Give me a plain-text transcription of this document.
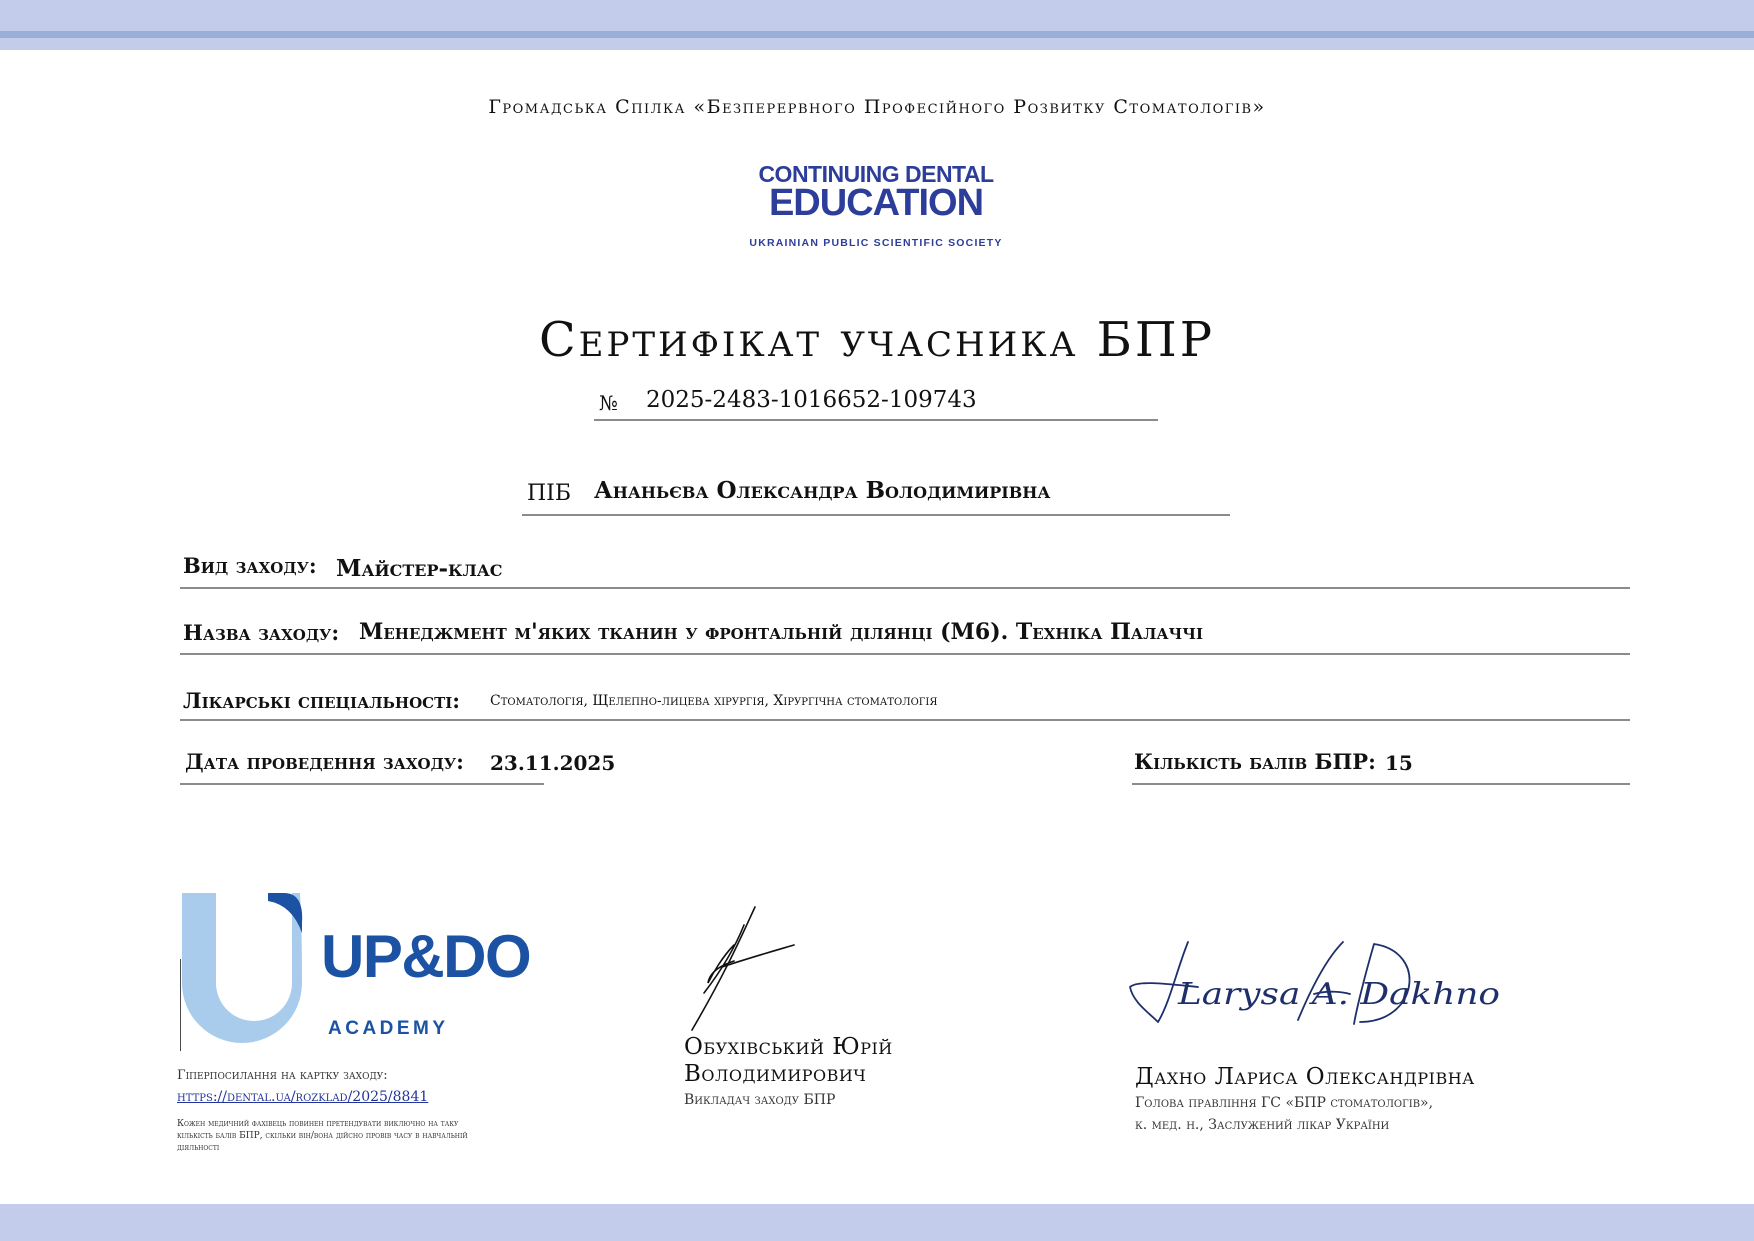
Громадська Спілка «Безперервного Професійного Розвитку Стоматологів»
CONTINUING DENTAL
EDUCATION
UKRAINIAN PUBLIC SCIENTIFIC SOCIETY
Сертифікат учасника БПР
№ 2025-2483-1016652-109743
ПІБ Ананьєва Олександра Володимирівна
Вид заходу: Майстер-клас
Назва заходу: Менеджмент м'яких тканин у фронтальній ділянці (М6). Техніка Палаччі
Лікарські спеціальності: Стоматологія, Щелепно-лицева хірургія, Хірургічна стоматологія
Дата проведення заходу: 23.11.2025	Кількість балів БПР: 15
UP&DO
ACADEMY
Гіперпосилання на картку заходу:
https://dental.ua/rozklad/2025/8841
Кожен медичний фахівець повинен претендувати виключно на таку кількість балів БПР, скільки він/вона дійсно провів часу в навчальній діяльності
Обухівський Юрій
Володимирович
Викладач заходу БПР
Larysa A. Dakhno
Дахно Лариса Олександрівна
Голова правління ГС «БПР стоматологів»,
к. мед. н., Заслужений лікар України
